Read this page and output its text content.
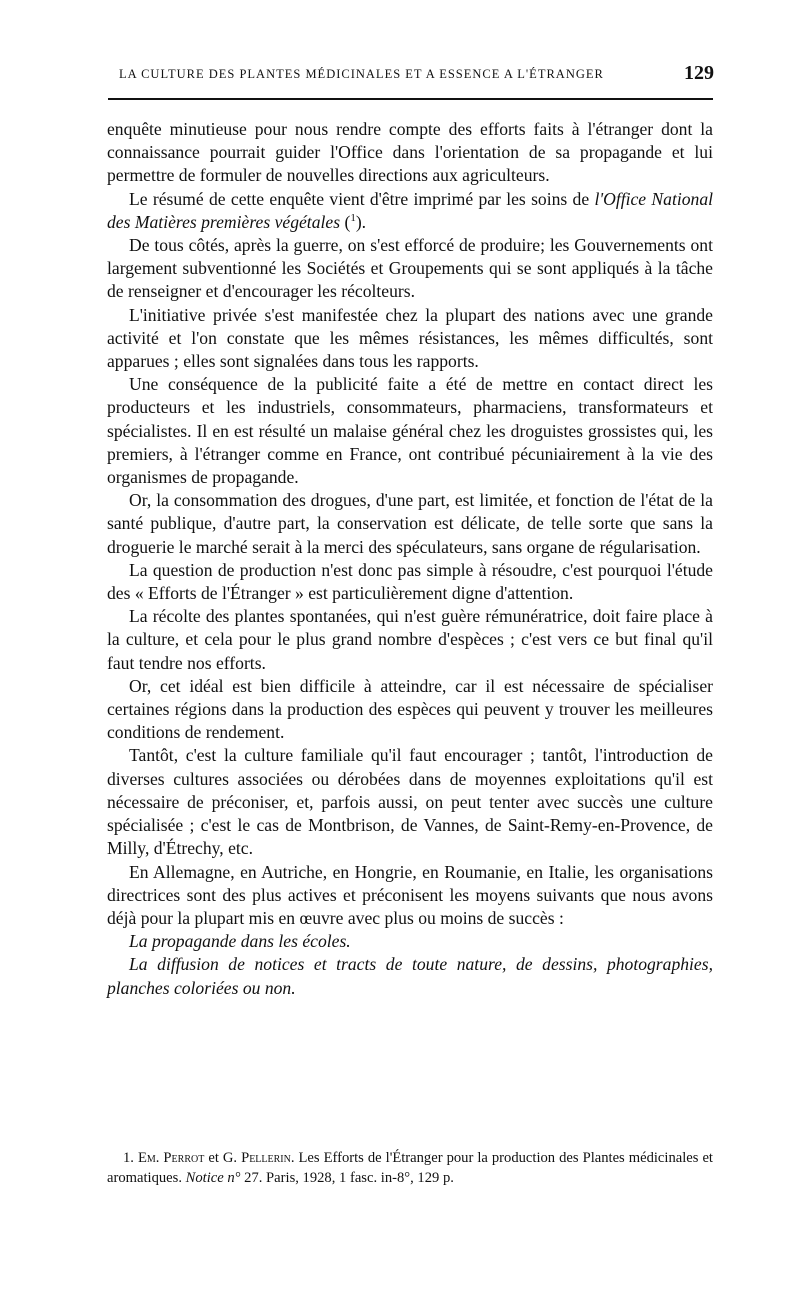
LA CULTURE DES PLANTES MÉDICINALES ET A ESSENCE A L'ÉTRANGER	129

enquête minutieuse pour nous rendre compte des efforts faits à l'étranger dont la connaissance pourrait guider l'Office dans l'orientation de sa propagande et lui permettre de formuler de nouvelles directions aux agriculteurs.

Le résumé de cette enquête vient d'être imprimé par les soins de l'Office National des Matières premières végétales ($^1$).

De tous côtés, après la guerre, on s'est efforcé de produire; les Gouvernements ont largement subventionné les Sociétés et Groupements qui se sont appliqués à la tâche de renseigner et d'encourager les récolteurs.

L'initiative privée s'est manifestée chez la plupart des nations avec une grande activité et l'on constate que les mêmes résistances, les mêmes difficultés, sont apparues ; elles sont signalées dans tous les rapports.

Une conséquence de la publicité faite a été de mettre en contact direct les producteurs et les industriels, consommateurs, pharmaciens, transformateurs et spécialistes. Il en est résulté un malaise général chez les droguistes grossistes qui, les premiers, à l'étranger comme en France, ont contribué pécuniairement à la vie des organismes de propagande.

Or, la consommation des drogues, d'une part, est limitée, et fonction de l'état de la santé publique, d'autre part, la conservation est délicate, de telle sorte que sans la droguerie le marché serait à la merci des spéculateurs, sans organe de régularisation.

La question de production n'est donc pas simple à résoudre, c'est pourquoi l'étude des « Efforts de l'Étranger » est particulièrement digne d'attention.

La récolte des plantes spontanées, qui n'est guère rémunératrice, doit faire place à la culture, et cela pour le plus grand nombre d'espèces ; c'est vers ce but final qu'il faut tendre nos efforts.

Or, cet idéal est bien difficile à atteindre, car il est nécessaire de spécialiser certaines régions dans la production des espèces qui peuvent y trouver les meilleures conditions de rendement.

Tantôt, c'est la culture familiale qu'il faut encourager ; tantôt, l'introduction de diverses cultures associées ou dérobées dans de moyennes exploitations qu'il est nécessaire de préconiser, et, parfois aussi, on peut tenter avec succès une culture spécialisée ; c'est le cas de Montbrison, de Vannes, de Saint-Remy-en-Provence, de Milly, d'Étrechy, etc.

En Allemagne, en Autriche, en Hongrie, en Roumanie, en Italie, les organisations directrices sont des plus actives et préconisent les moyens suivants que nous avons déjà pour la plupart mis en œuvre avec plus ou moins de succès :

La propagande dans les écoles.

La diffusion de notices et tracts de toute nature, de dessins, photographies, planches coloriées ou non.

1. Em. Perrot et G. Pellerin. Les Efforts de l'Étranger pour la production des Plantes médicinales et aromatiques. Notice n° 27. Paris, 1928, 1 fasc. in-8°, 129 p.
